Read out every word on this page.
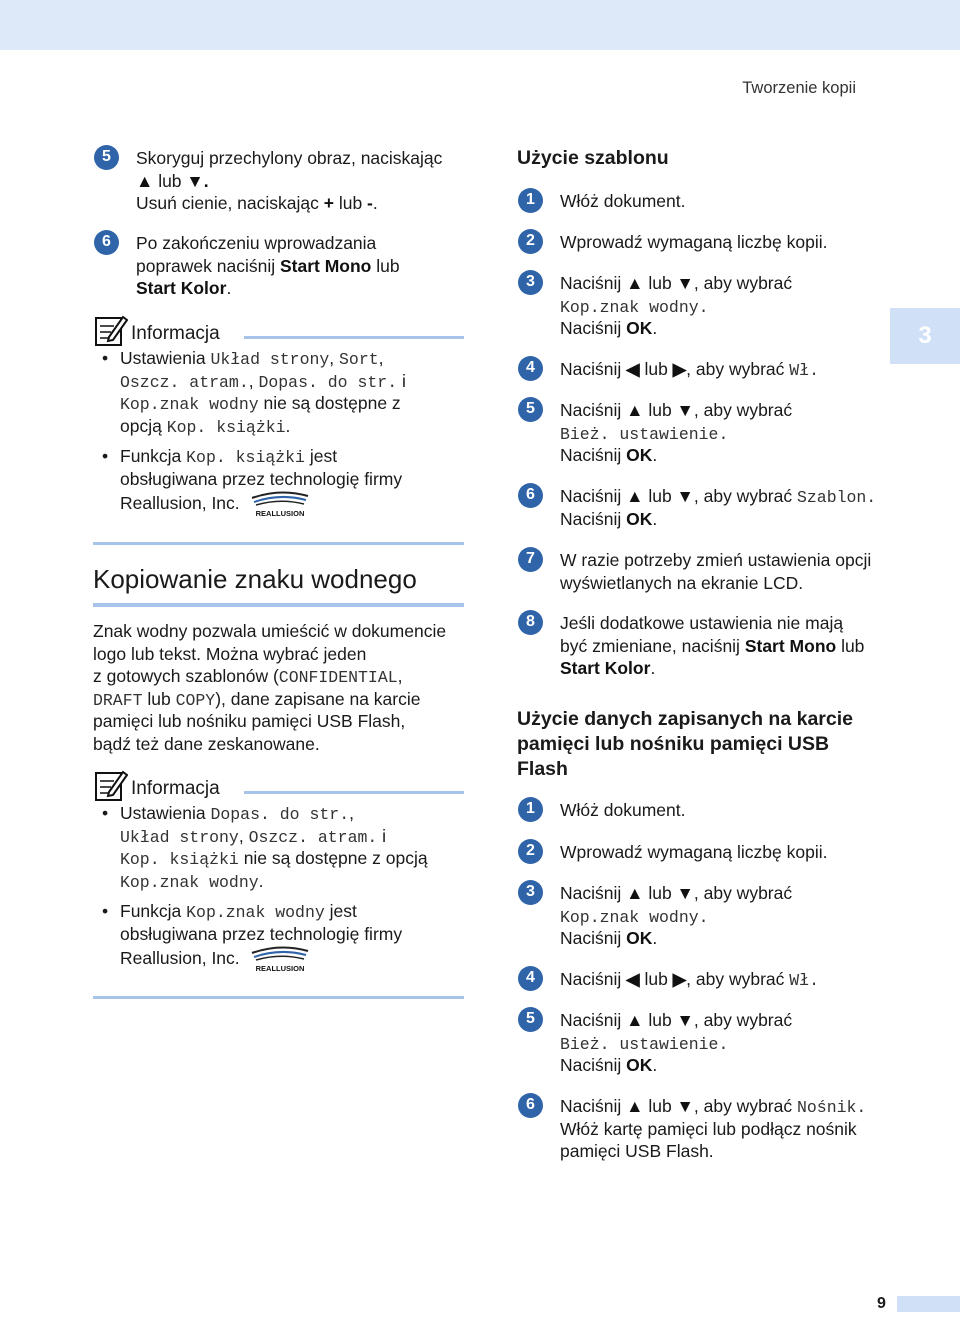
Tworzenie kopii
3
5	Skoryguj przechylony obraz, naciskając
▲ lub ▼.
Usuń cienie, naciskając + lub -.
6	Po zakończeniu wprowadzania
poprawek naciśnij Start Mono lub
Start Kolor.
Informacja
• Ustawienia Układ strony, Sort,
Oszcz. atram., Dopas. do str. i
Kop.znak wodny nie są dostępne z
opcją Kop. książki.
• Funkcja Kop. książki jest
obsługiwana przez technologię firmy
Reallusion, Inc.
REALLUSION
Kopiowanie znaku wodnego
Znak wodny pozwala umieścić w dokumencie
logo lub tekst. Można wybrać jeden
z gotowych szablonów (CONFIDENTIAL,
DRAFT lub COPY), dane zapisane na karcie
pamięci lub nośniku pamięci USB Flash,
bądź też dane zeskanowane.
Informacja
• Ustawienia Dopas. do str.,
Układ strony, Oszcz. atram. i
Kop. książki nie są dostępne z opcją
Kop.znak wodny.
• Funkcja Kop.znak wodny jest
obsługiwana przez technologię firmy
Reallusion, Inc.
REALLUSION
Użycie szablonu
1	Włóż dokument.
2	Wprowadź wymaganą liczbę kopii.
3	Naciśnij ▲ lub ▼, aby wybrać
Kop.znak wodny.
Naciśnij OK.
4	Naciśnij ◀ lub ▶, aby wybrać Wł.
5	Naciśnij ▲ lub ▼, aby wybrać
Bież. ustawienie.
Naciśnij OK.
6	Naciśnij ▲ lub ▼, aby wybrać Szablon.
Naciśnij OK.
7	W razie potrzeby zmień ustawienia opcji
wyświetlanych na ekranie LCD.
8	Jeśli dodatkowe ustawienia nie mają
być zmieniane, naciśnij Start Mono lub
Start Kolor.
Użycie danych zapisanych na karcie
pamięci lub nośniku pamięci USB
Flash
1	Włóż dokument.
2	Wprowadź wymaganą liczbę kopii.
3	Naciśnij ▲ lub ▼, aby wybrać
Kop.znak wodny.
Naciśnij OK.
4	Naciśnij ◀ lub ▶, aby wybrać Wł.
5	Naciśnij ▲ lub ▼, aby wybrać
Bież. ustawienie.
Naciśnij OK.
6	Naciśnij ▲ lub ▼, aby wybrać Nośnik.
Włóż kartę pamięci lub podłącz nośnik
pamięci USB Flash.
9
